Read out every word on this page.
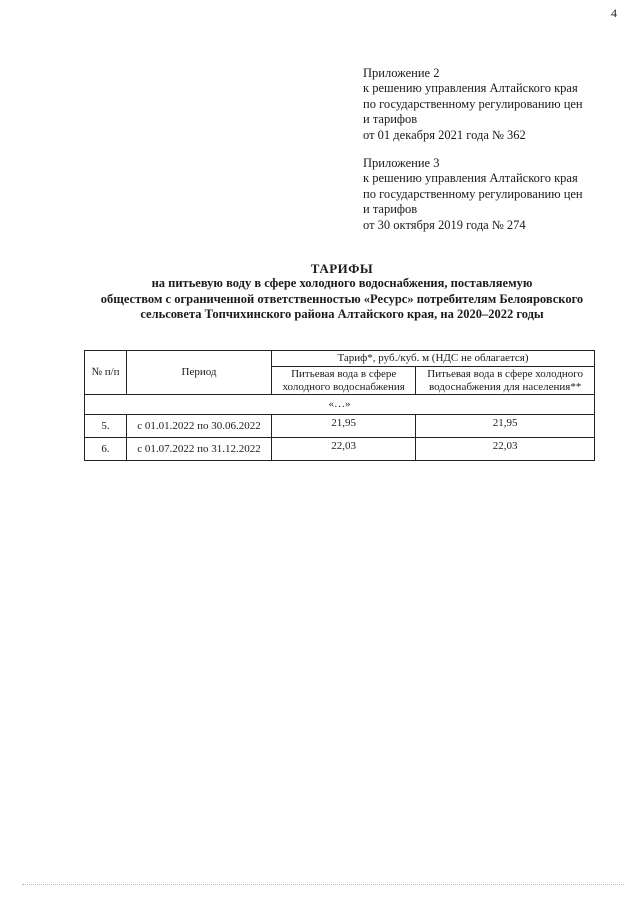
4
Приложение 2
к решению управления Алтайского края
по государственному регулированию цен
и тарифов
от 01 декабря 2021 года № 362
Приложение 3
к решению управления Алтайского края
по государственному регулированию цен
и тарифов
от 30 октября 2019 года № 274
ТАРИФЫ
на питьевую воду в сфере холодного водоснабжения, поставляемую
обществом с ограниченной ответственностью «Ресурс» потребителям Белояровского
сельсовета Топчихинского района Алтайского края, на 2020–2022 годы
№ п/п	Период	Тариф*, руб./куб. м (НДС не облагается)	
		Питьевая вода в сфере холодного водоснабжения	Питьевая вода в сфере холодного водоснабжения для населения**
«…»			
5.	с 01.01.2022 по 30.06.2022	21,95	21,95
6.	с 01.07.2022 по 31.12.2022	22,03	22,03
